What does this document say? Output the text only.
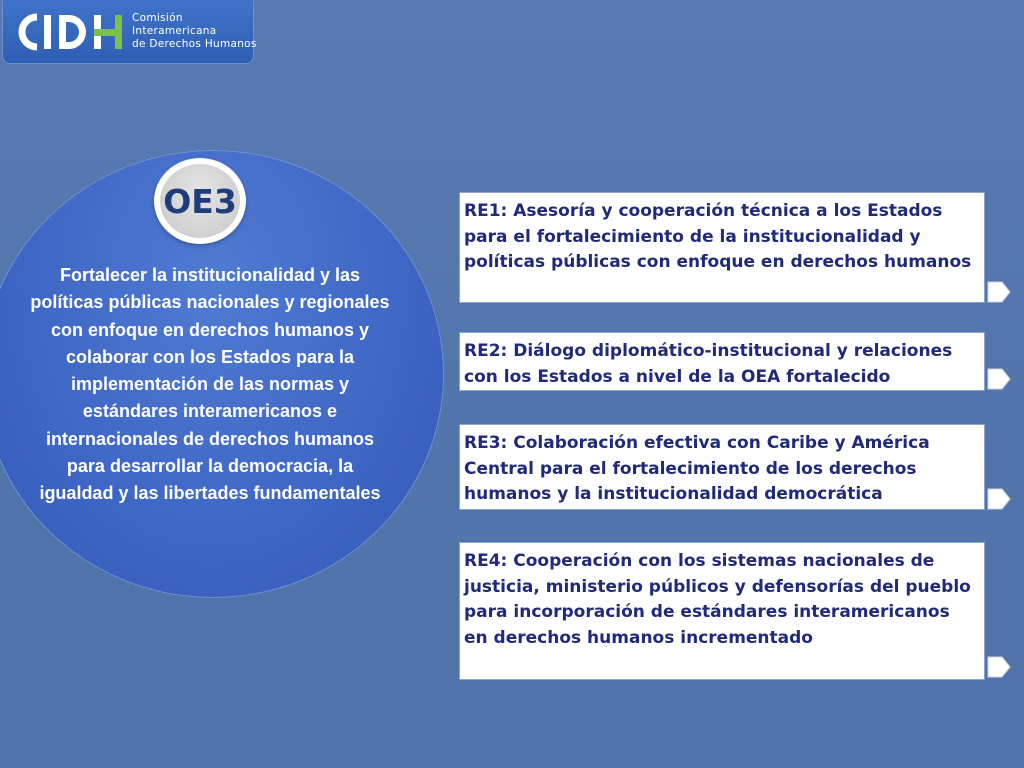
Comisión
Interamericana
de Derechos Humanos
OE3
Fortalecer la institucionalidad y las políticas públicas nacionales y regionales con enfoque en derechos humanos y colaborar con los Estados para la implementación de las normas y estándares interamericanos e internacionales de derechos humanos para desarrollar la democracia, la igualdad y las libertades fundamentales
RE1: Asesoría y cooperación técnica a los Estados para el fortalecimiento de la institucionalidad y políticas públicas con enfoque en derechos humanos
RE2: Diálogo diplomático-institucional y relaciones con los Estados a nivel de la OEA fortalecido
RE3: Colaboración efectiva con Caribe y América Central para el fortalecimiento de los derechos humanos y la institucionalidad democrática
RE4: Cooperación con los sistemas nacionales de justicia, ministerio públicos y defensorías del pueblo para incorporación de estándares interamericanos en derechos humanos incrementado
